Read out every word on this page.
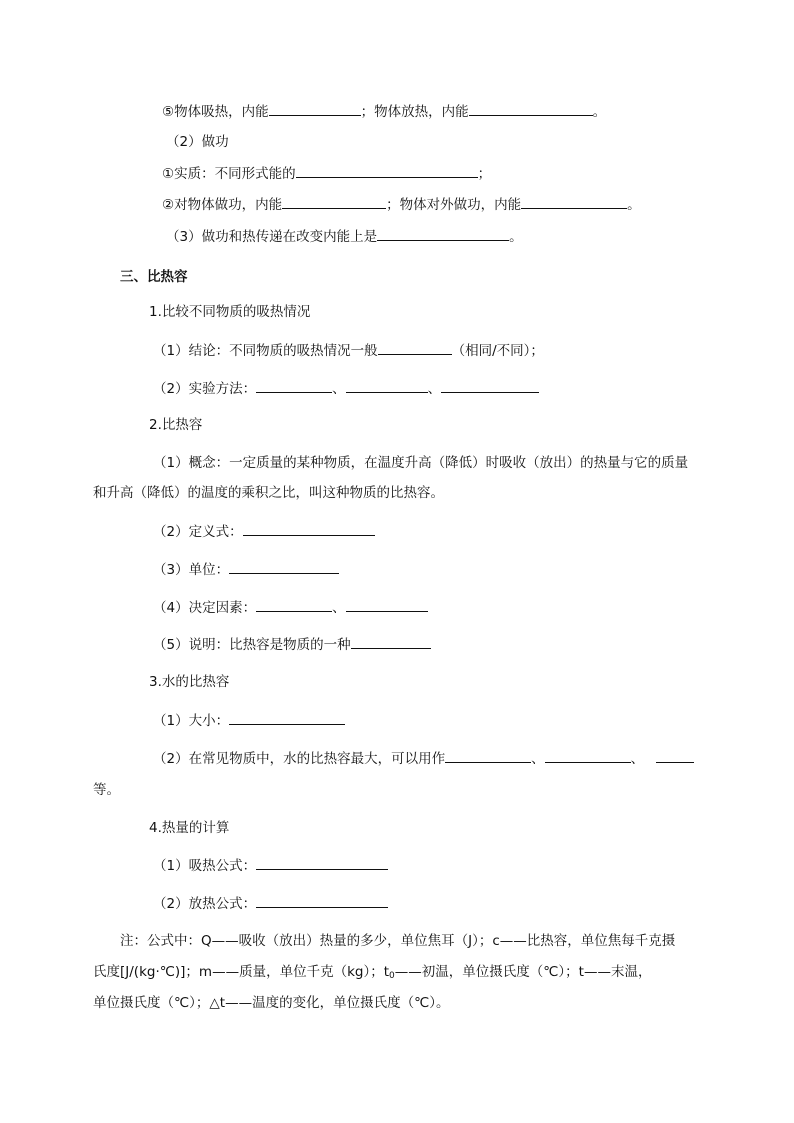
⑤物体吸热，内能	；物体放热，内能	。
（2）做功
①实质：不同形式能的	；
②对物体做功，内能	；物体对外做功，内能	。
（3）做功和热传递在改变内能上是	。
三、比热容
1.比较不同物质的吸热情况
（1）结论：不同物质的吸热情况一般	（相同/不同）；
（2）实验方法：	、	、
2.比热容
（1）概念：一定质量的某种物质，在温度升高（降低）时吸收（放出）的热量与它的质量
和升高（降低）的温度的乘积之比，叫这种物质的比热容。
（2）定义式：
（3）单位：
（4）决定因素：	、
（5）说明：比热容是物质的一种
3.水的比热容
（1）大小：
（2）在常见物质中，水的比热容最大，可以用作	、	、
等。
4.热量的计算
（1）吸热公式：
（2）放热公式：
注：公式中：Q——吸收（放出）热量的多少，单位焦耳（J）；c——比热容，单位焦每千克摄
氏度[J/(kg·℃)]；m——质量，单位千克（kg）；$t_0——$初温，单位摄氏度（℃）；t——末温，
单位摄氏度（℃）；△t——温度的变化，单位摄氏度（℃）。
